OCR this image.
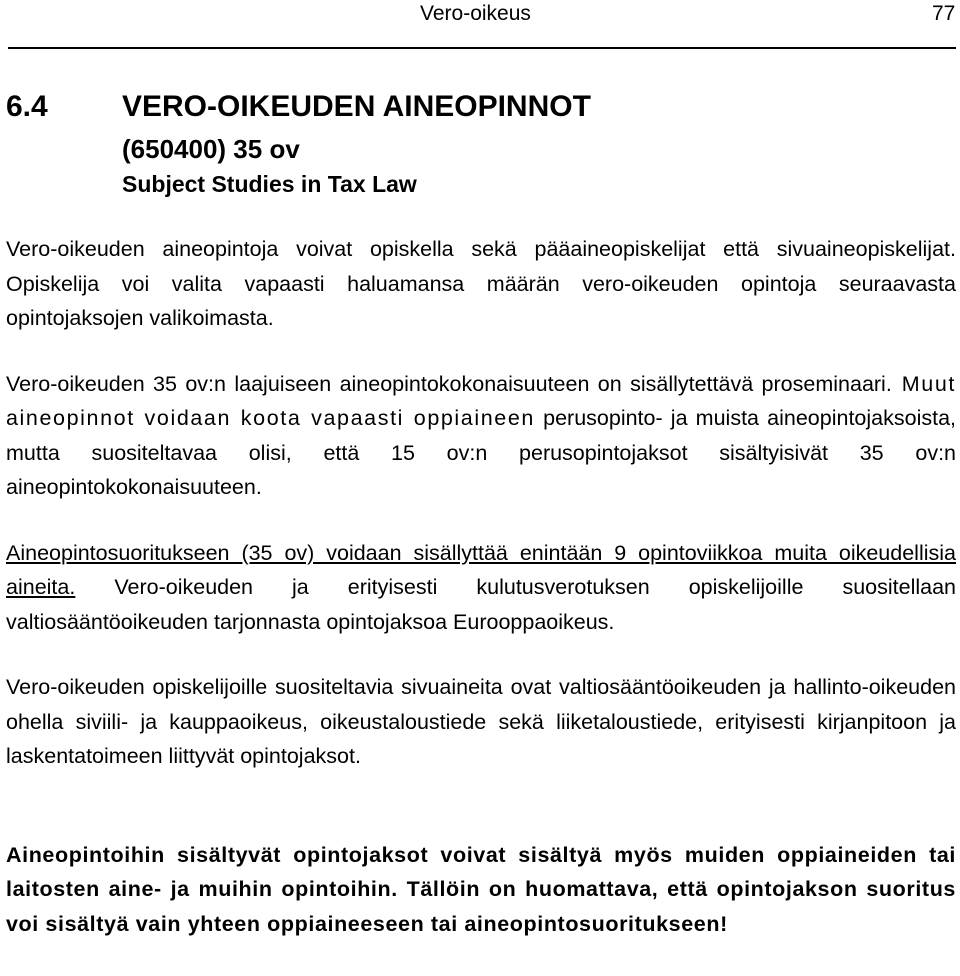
Vero-oikeus	77
6.4 VERO-OIKEUDEN AINEOPINNOT
(650400) 35 ov
Subject Studies in Tax Law

Vero-oikeuden aineopintoja voivat opiskella sekä pääaineopiskelijat että sivuaineopiskelijat. Opiskelija voi valita vapaasti haluamansa määrän vero-oikeuden opintoja seuraavasta opintojaksojen valikoimasta.

Vero-oikeuden 35 ov:n laajuiseen aineopintokokonaisuuteen on sisällytettävä proseminaari. Muut aineopinnot voidaan koota vapaasti oppiaineen perusopinto- ja muista aineopintojaksoista, mutta suositeltavaa olisi, että 15 ov:n perusopintojaksot sisältyisivät 35 ov:n aineopintokokonaisuuteen.

Aineopintosuoritukseen (35 ov) voidaan sisällyttää enintään 9 opintoviikkoa muita oikeudellisia aineita. Vero-oikeuden ja erityisesti kulutusverotuksen opiskelijoille suositellaan valtiosääntöoikeuden tarjonnasta opintojaksoa Eurooppaoikeus.

Vero-oikeuden opiskelijoille suositeltavia sivuaineita ovat valtiosääntöoikeuden ja hallinto-oikeuden ohella siviili- ja kauppaoikeus, oikeustaloustiede sekä liiketaloustiede, erityisesti kirjanpitoon ja laskentatoimeen liittyvät opintojaksot.

Aineopintoihin sisältyvät opintojaksot voivat sisältyä myös muiden oppiaineiden tai laitosten aine- ja muihin opintoihin. Tällöin on huomattava, että opintojakson suoritus voi sisältyä vain yhteen oppiaineeseen tai aineopintosuoritukseen!
